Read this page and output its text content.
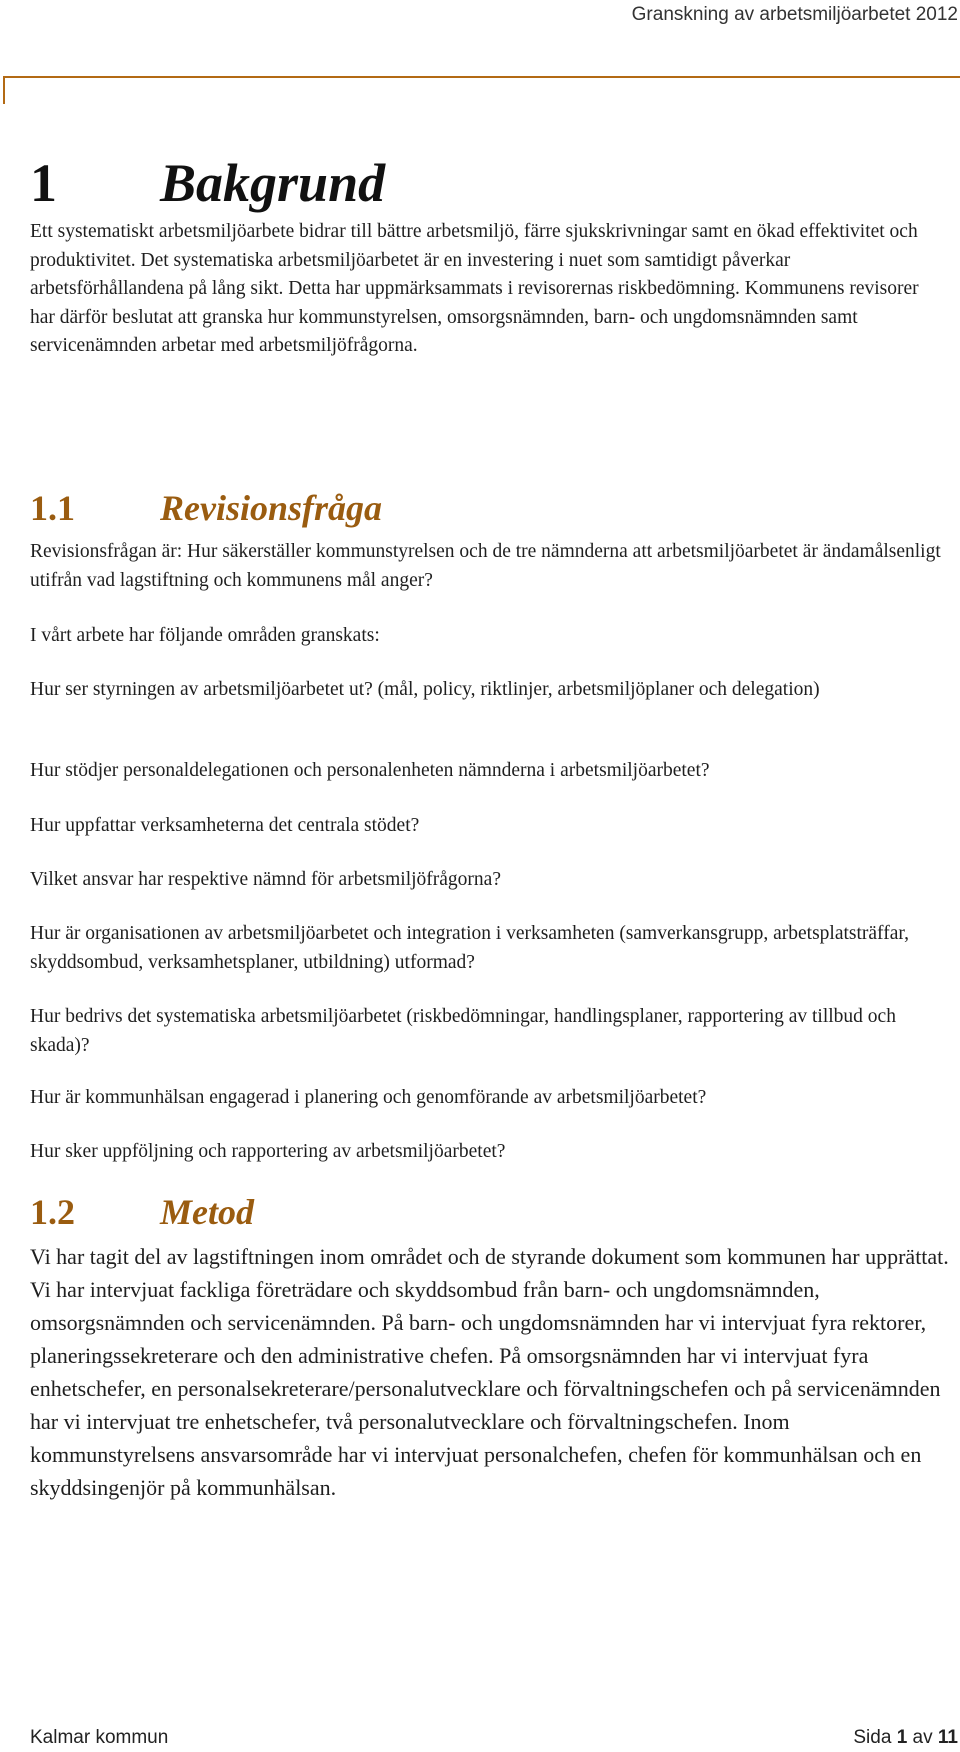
Granskning av arbetsmiljöarbetet 2012

1 Bakgrund

Ett systematiskt arbetsmiljöarbete bidrar till bättre arbetsmiljö, färre sjukskrivningar samt en ökad effektivitet och produktivitet. Det systematiska arbetsmiljöarbetet är en investering i nuet som samtidigt påverkar arbetsförhållandena på lång sikt. Detta har uppmärksammats i revisorernas riskbedömning. Kommunens revisorer har därför beslutat att granska hur kommunstyrelsen, omsorgsnämnden, barn- och ungdomsnämnden samt servicenämnden arbetar med arbetsmiljöfrågorna.

1.1 Revisionsfråga

Revisionsfrågan är: Hur säkerställer kommunstyrelsen och de tre nämnderna att arbetsmiljöarbetet är ändamålsenligt utifrån vad lagstiftning och kommunens mål anger?

I vårt arbete har följande områden granskats:

Hur ser styrningen av arbetsmiljöarbetet ut? (mål, policy, riktlinjer, arbetsmiljöplaner och delegation)

Hur stödjer personaldelegationen och personalenheten nämnderna i arbetsmiljöarbetet?

Hur uppfattar verksamheterna det centrala stödet?

Vilket ansvar har respektive nämnd för arbetsmiljöfrågorna?

Hur är organisationen av arbetsmiljöarbetet och integration i verksamheten (samverkansgrupp, arbetsplatsträffar, skyddsombud, verksamhetsplaner, utbildning) utformad?

Hur bedrivs det systematiska arbetsmiljöarbetet (riskbedömningar, handlingsplaner, rapportering av tillbud och skada)?

Hur är kommunhälsan engagerad i planering och genomförande av arbetsmiljöarbetet?

Hur sker uppföljning och rapportering av arbetsmiljöarbetet?

1.2 Metod

Vi har tagit del av lagstiftningen inom området och de styrande dokument som kommunen har upprättat. Vi har intervjuat fackliga företrädare och skyddsombud från barn- och ungdomsnämnden, omsorgsnämnden och servicenämnden. På barn- och ungdomsnämnden har vi intervjuat fyra rektorer, planeringssekreterare och den administrative chefen. På omsorgsnämnden har vi intervjuat fyra enhetschefer, en personalsekreterare/personalutvecklare och förvaltningschefen och på servicenämnden har vi intervjuat tre enhetschefer, två personalutvecklare och förvaltningschefen. Inom kommunstyrelsens ansvarsområde har vi intervjuat personalchefen, chefen för kommunhälsan och en skyddsingenjör på kommunhälsan.

Kalmar kommun	Sida 1 av 11
